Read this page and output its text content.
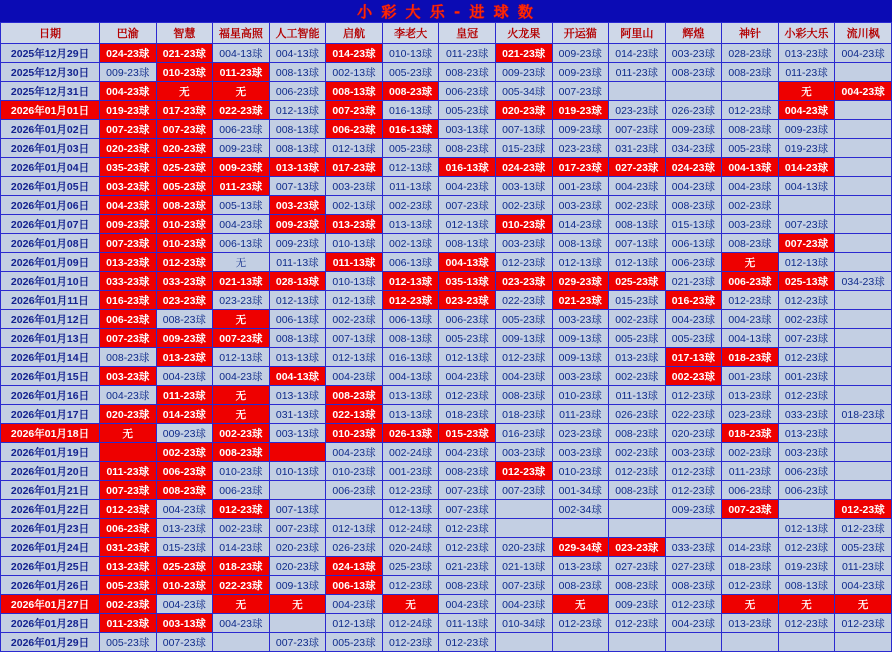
小 彩 大 乐 - 进 球 数
日期	巴渝	智慧	福星高照	人工智能	启航	李老大	皇冠	火龙果	开运猫	阿里山	辉煌	神针	小彩大乐	流川枫
2025年12月29日	024-23球	021-23球	004-13球	004-13球	014-23球	010-13球	011-23球	021-23球	009-23球	014-23球	003-23球	028-23球	013-23球	004-23球
2025年12月30日	009-23球	010-23球	011-23球	008-13球	002-13球	005-23球	008-23球	009-23球	009-23球	011-23球	008-23球	008-23球	011-23球	
2025年12月31日	004-23球	无	无	006-23球	008-13球	008-23球	006-23球	005-34球	007-23球				无	004-23球
2026年01月01日	019-23球	017-23球	022-23球	012-13球	007-23球	016-13球	005-23球	020-23球	019-23球	023-23球	026-23球	012-23球	004-23球	
2026年01月02日	007-23球	007-23球	006-23球	008-13球	006-23球	016-13球	003-13球	007-13球	009-23球	007-23球	009-23球	008-23球	009-23球	
2026年01月03日	020-23球	020-23球	009-23球	008-13球	012-13球	005-23球	008-23球	015-23球	023-23球	031-23球	034-23球	005-23球	019-23球	
2026年01月04日	035-23球	025-23球	009-23球	013-13球	017-23球	012-13球	016-13球	024-23球	017-23球	027-23球	024-23球	004-13球	014-23球	
2026年01月05日	003-23球	005-23球	011-23球	007-13球	003-23球	011-13球	004-23球	003-13球	001-23球	004-23球	004-23球	004-23球	004-13球	
2026年01月06日	004-23球	008-23球	005-13球	003-23球	002-13球	002-23球	007-23球	002-23球	003-23球	002-23球	008-23球	002-23球		
2026年01月07日	009-23球	010-23球	004-23球	009-23球	013-23球	013-13球	012-13球	010-23球	014-23球	008-13球	015-13球	003-23球	007-23球	
2026年01月08日	007-23球	010-23球	006-13球	009-23球	010-13球	002-13球	008-13球	003-23球	008-13球	007-13球	006-13球	008-23球	007-23球	
2026年01月09日	013-23球	012-23球	无	011-13球	011-13球	006-13球	004-13球	012-23球	012-13球	012-13球	006-23球	无	012-13球	
2026年01月10日	033-23球	033-23球	021-13球	028-13球	010-13球	012-13球	035-13球	023-23球	029-23球	025-23球	021-23球	006-23球	025-13球	034-23球
2026年01月11日	016-23球	023-23球	023-23球	012-13球	012-13球	012-23球	023-23球	022-23球	021-23球	015-23球	016-23球	012-23球	012-23球	
2026年01月12日	006-23球	008-23球	无	006-13球	002-23球	006-13球	006-23球	005-23球	003-23球	002-23球	004-23球	004-23球	002-23球	
2026年01月13日	007-23球	009-23球	007-23球	008-13球	007-13球	008-13球	005-23球	009-13球	009-13球	005-23球	005-23球	004-13球	007-23球	
2026年01月14日	008-23球	013-23球	012-13球	013-13球	012-13球	016-13球	012-13球	012-23球	009-13球	013-23球	017-13球	018-23球	012-23球	
2026年01月15日	003-23球	004-23球	004-23球	004-13球	004-23球	004-13球	004-23球	004-23球	003-23球	002-23球	002-23球	001-23球	001-23球	
2026年01月16日	004-23球	011-23球	无	013-13球	008-23球	013-13球	012-23球	008-23球	010-23球	011-13球	012-23球	013-23球	012-23球	
2026年01月17日	020-23球	014-23球	无	031-13球	022-13球	013-13球	018-23球	018-23球	011-23球	026-23球	022-23球	023-23球	033-23球	018-23球
2026年01月18日	无	009-23球	002-23球	003-13球	010-23球	026-13球	015-23球	016-23球	023-23球	008-23球	020-23球	018-23球	013-23球	
2026年01月19日		002-23球	008-23球		004-23球	002-24球	004-23球	003-23球	003-23球	002-23球	003-23球	002-23球	003-23球	
2026年01月20日	011-23球	006-23球	010-23球	010-13球	010-23球	001-23球	008-23球	012-23球	010-23球	012-23球	012-23球	011-23球	006-23球	
2026年01月21日	007-23球	008-23球	006-23球		006-23球	012-23球	007-23球	007-23球	001-34球	008-23球	012-23球	006-23球	006-23球	
2026年01月22日	012-23球	004-23球	012-23球	007-13球		012-13球	007-23球		002-34球		009-23球	007-23球		012-23球
2026年01月23日	006-23球	013-23球	002-23球	007-23球	012-13球	012-24球	012-23球						012-13球	012-23球
2026年01月24日	031-23球	015-23球	014-23球	020-23球	026-23球	020-24球	012-23球	020-23球	029-34球	023-23球	033-23球	014-23球	012-23球	005-23球
2026年01月25日	013-23球	025-23球	018-23球	020-23球	024-13球	025-23球	021-23球	021-13球	013-23球	027-23球	027-23球	018-23球	019-23球	011-23球
2026年01月26日	005-23球	010-23球	022-23球	009-13球	006-13球	012-23球	008-23球	007-23球	008-23球	008-23球	008-23球	012-23球	008-13球	004-23球
2026年01月27日	002-23球	004-23球	无	无	004-23球	无	004-23球	004-23球	无	009-23球	012-23球	无	无	无
2026年01月28日	011-23球	003-13球	004-23球		012-13球	012-24球	011-13球	010-34球	012-23球	012-23球	004-23球	013-23球	012-23球	012-23球
2026年01月29日	005-23球	007-23球		007-23球	005-23球	012-23球	012-23球							
